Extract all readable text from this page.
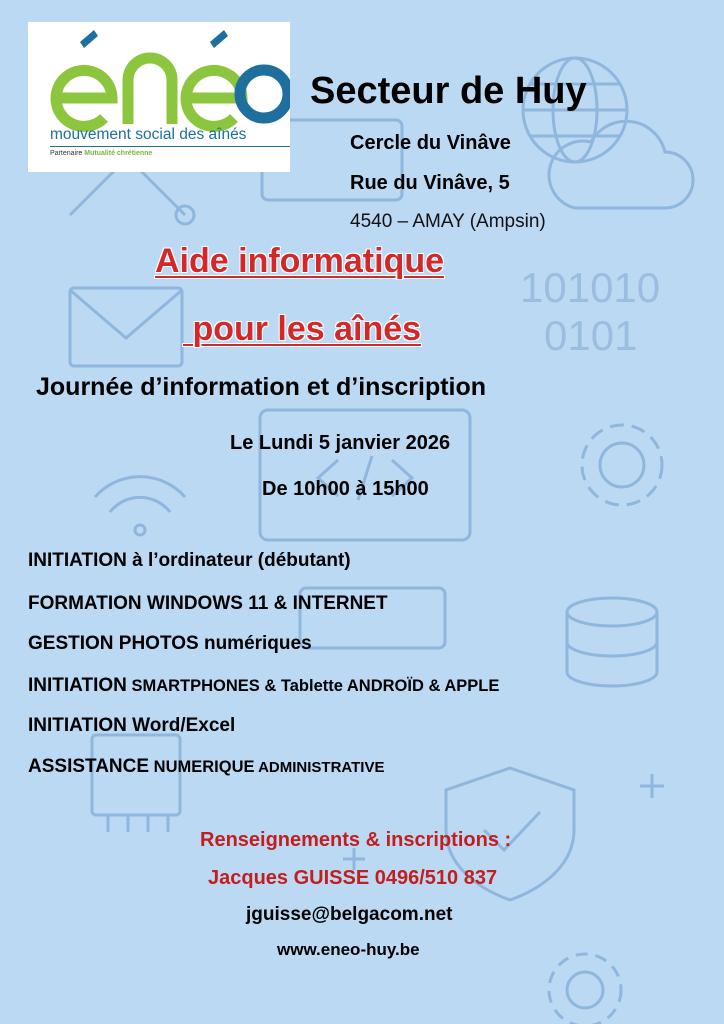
101010
0101
mouvement social des aînés
Partenaire Mutualité chrétienne
Secteur de Huy
Cercle du Vinâve
Rue du Vinâve, 5
4540 – AMAY (Ampsin)
Aide informatique
pour les aînés
Journée d’information et d’inscription
Le Lundi 5 janvier 2026
De 10h00 à 15h00
INITIATION à l’ordinateur (débutant)
FORMATION WINDOWS 11 & INTERNET
GESTION PHOTOS numériques
INITIATION SMARTPHONES & Tablette ANDROÏD & APPLE
INITIATION Word/Excel
ASSISTANCE NUMERIQUE ADMINISTRATIVE
Renseignements & inscriptions :
Jacques GUISSE 0496/510 837
jguisse@belgacom.net
www.eneo-huy.be
